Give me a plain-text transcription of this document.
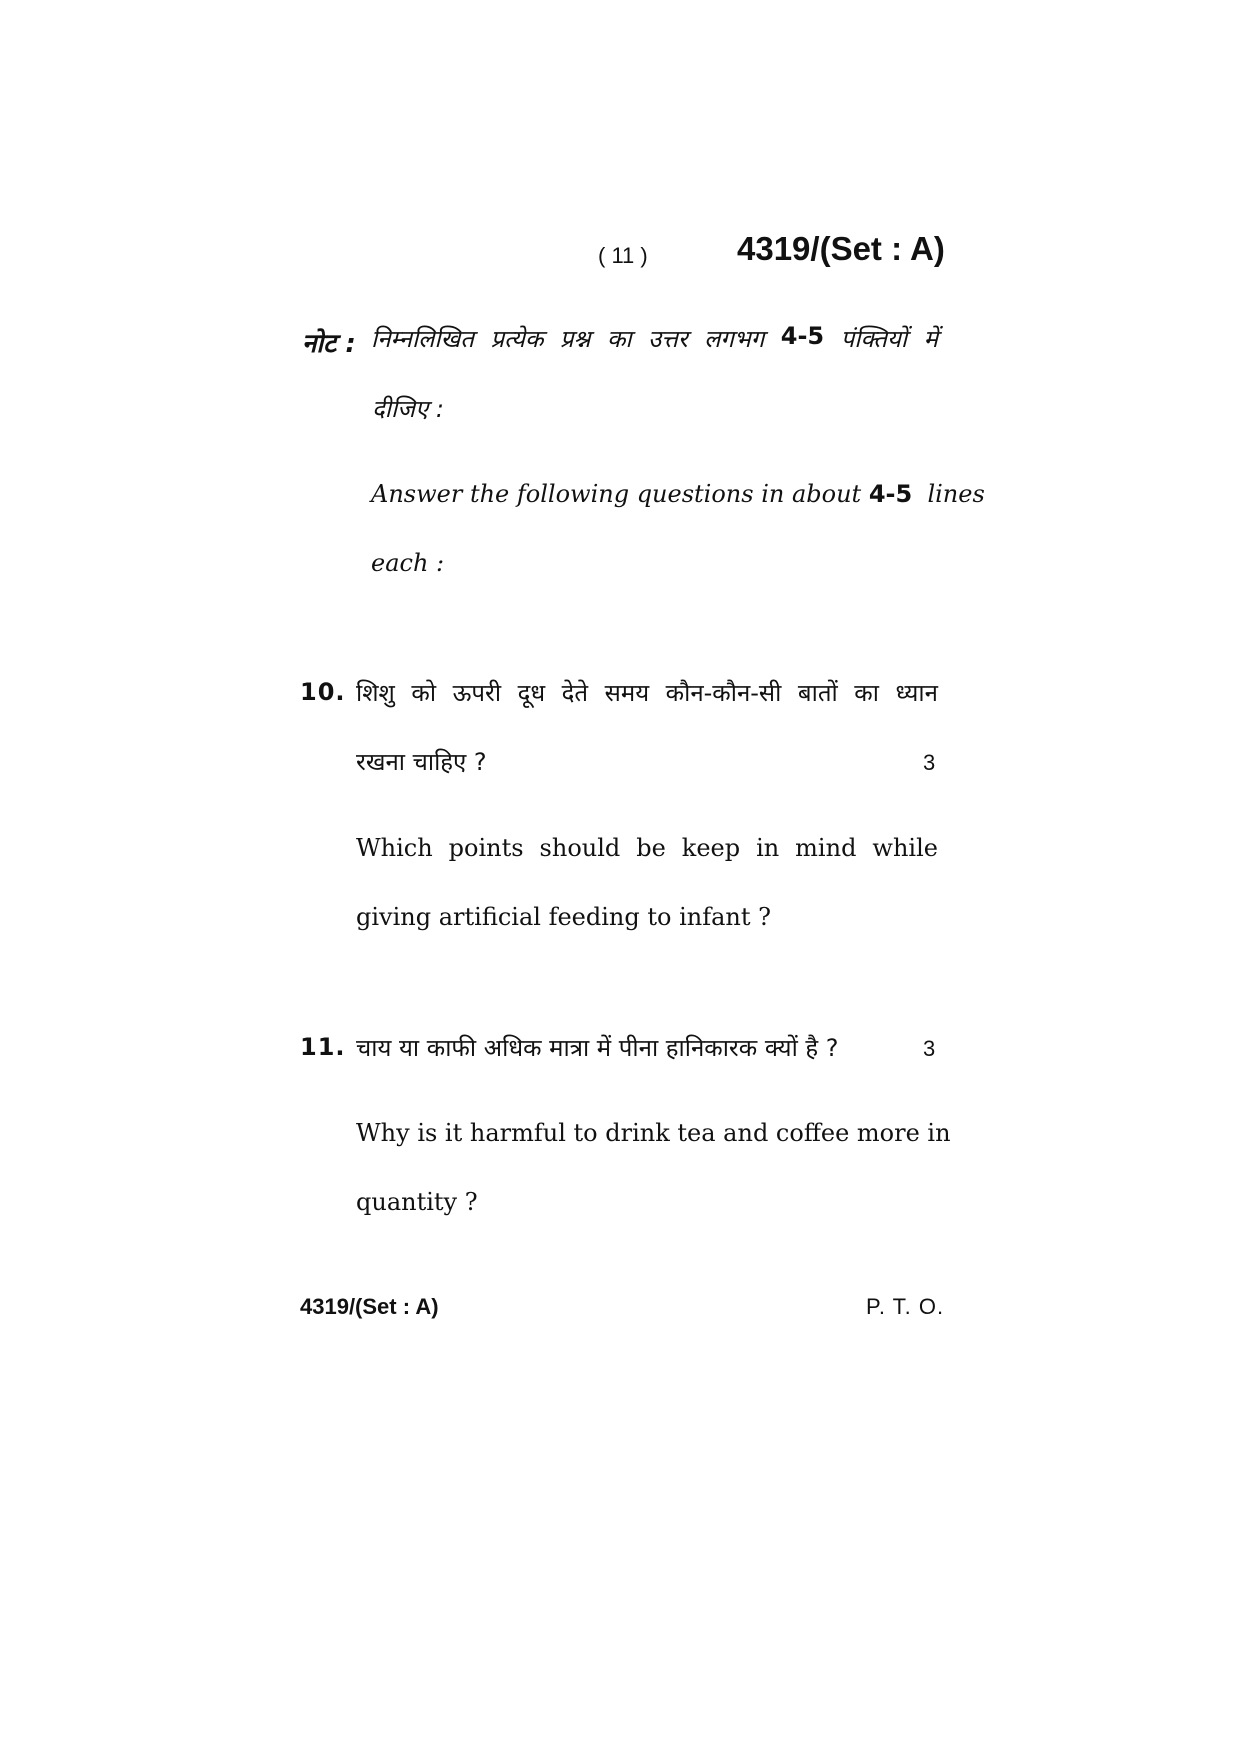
( 11 )	4319/(Set : A)
नोट : निम्नलिखित प्रत्येक प्रश्न का उत्तर लगभग 4-5 पंक्तियों में
दीजिए :
Answer the following questions in about 4-5 lines
each :
10. शिशु को ऊपरी दूध देते समय कौन-कौन-सी बातों का ध्यान
रखना चाहिए ?	3
Which points should be keep in mind while
giving artificial feeding to infant ?
11. चाय या काफी अधिक मात्रा में पीना हानिकारक क्यों है ?	3
Why is it harmful to drink tea and coffee more in
quantity ?
4319/(Set : A)	P. T. O.
